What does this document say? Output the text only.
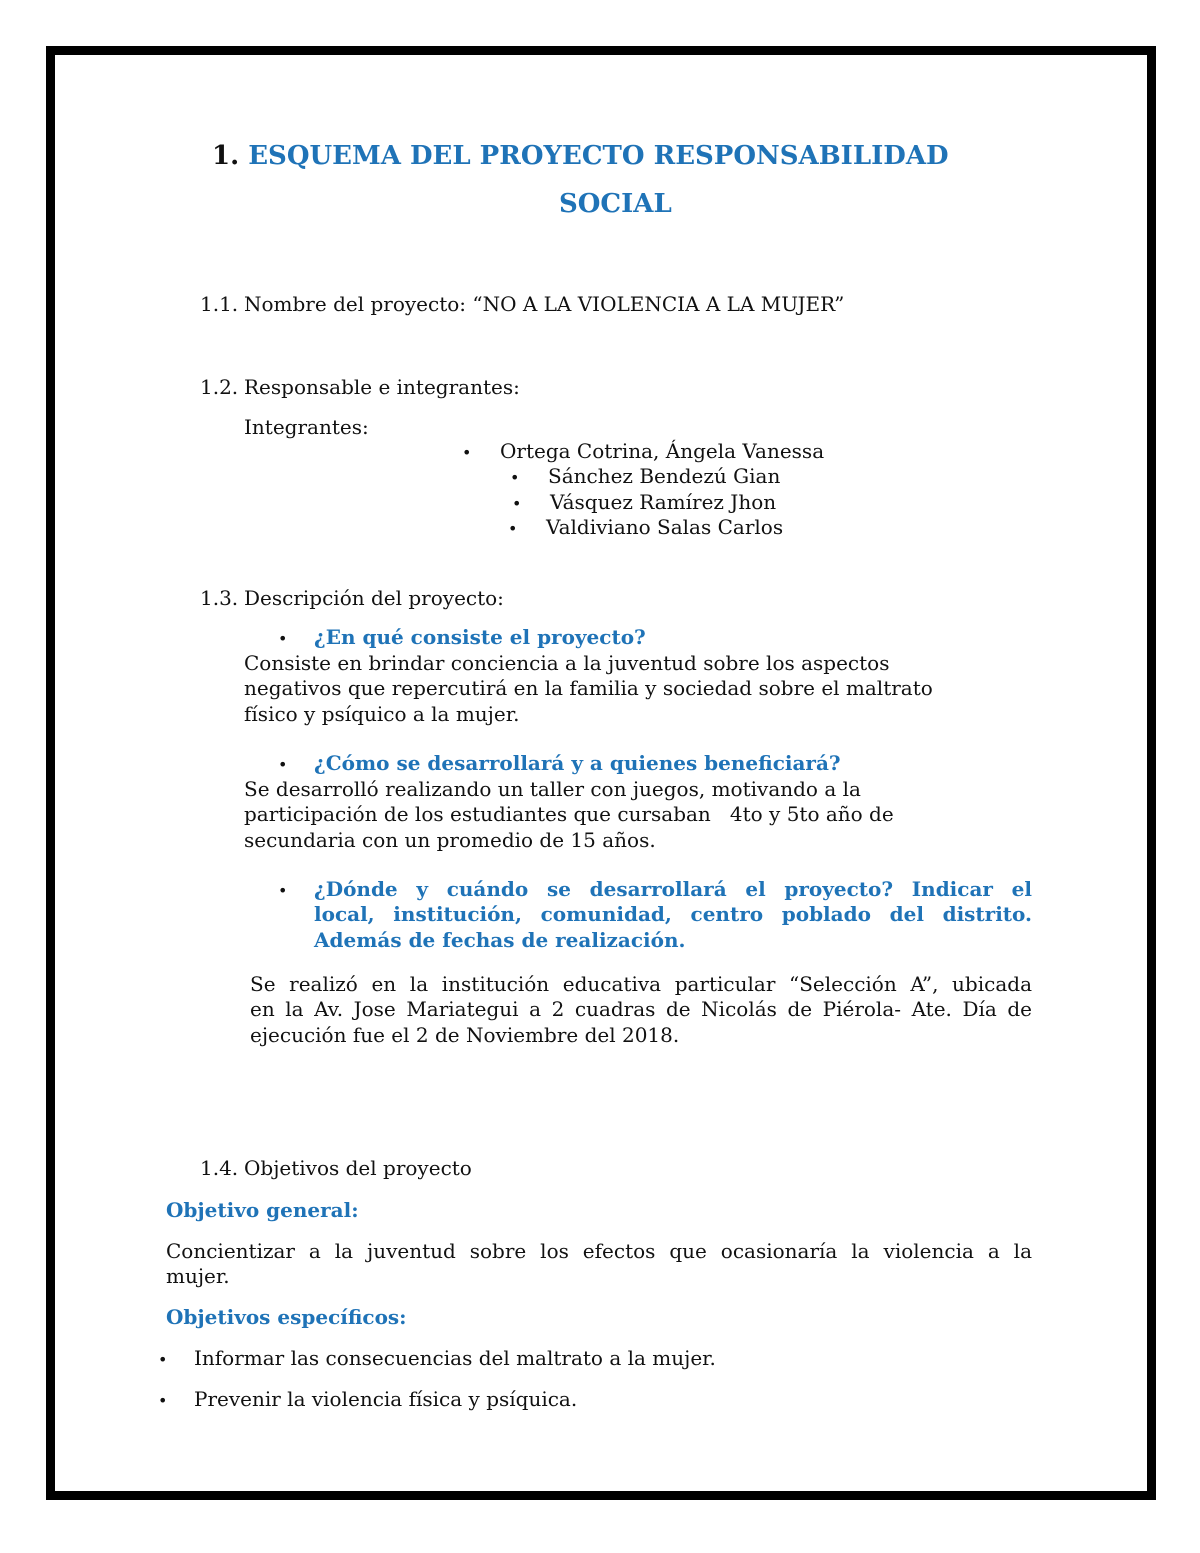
1. ESQUEMA DEL PROYECTO RESPONSABILIDAD
SOCIAL
1.1. Nombre del proyecto: “NO A LA VIOLENCIA A LA MUJER”
1.2. Responsable e integrantes:
Integrantes:
• Ortega Cotrina, Ángela Vanessa
• Sánchez Bendezú Gian
• Vásquez Ramírez Jhon
• Valdiviano Salas Carlos
1.3. Descripción del proyecto:
• ¿En qué consiste el proyecto?
Consiste en brindar conciencia a la juventud sobre los aspectos
negativos que repercutirá en la familia y sociedad sobre el maltrato
físico y psíquico a la mujer.
• ¿Cómo se desarrollará y a quienes beneficiará?
Se desarrolló realizando un taller con juegos, motivando a la
participación de los estudiantes que cursaban   4to y 5to año de
secundaria con un promedio de 15 años.
•	¿Dónde y cuándo se desarrollará el proyecto? Indicar el
local, institución, comunidad, centro poblado del distrito.
Además de fechas de realización.
Se realizó en la institución educativa particular “Selección A”, ubicada
en la Av. Jose Mariategui a 2 cuadras de Nicolás de Piérola- Ate. Día de
ejecución fue el 2 de Noviembre del 2018.
1.4. Objetivos del proyecto
Objetivo general:
Concientizar a la juventud sobre los efectos que ocasionaría la violencia a la
mujer.
Objetivos específicos:
• Informar las consecuencias del maltrato a la mujer.
• Prevenir la violencia física y psíquica.
